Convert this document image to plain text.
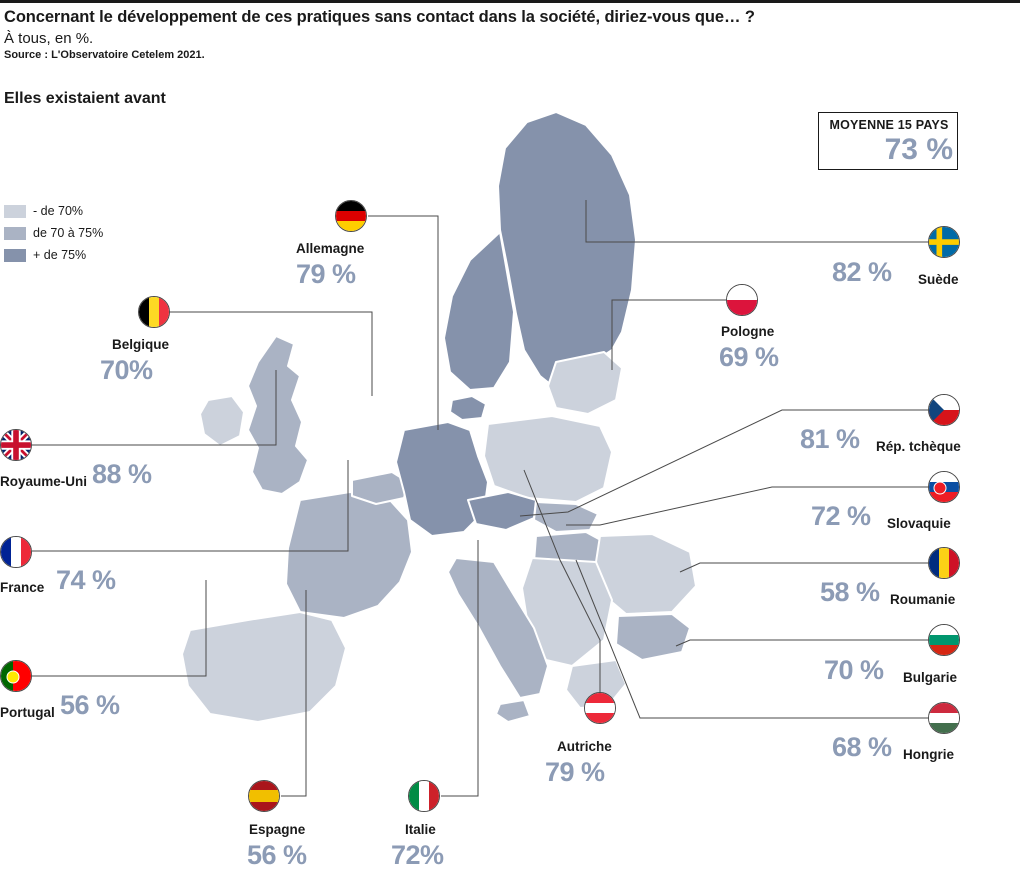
Concernant le développement de ces pratiques sans contact dans la société, diriez-vous que… ?
À tous, en %.
Source : L'Observatoire Cetelem 2021.
Elles existaient avant
MOYENNE 15 PAYS
73 %
- de 70%
de 70 à 75%
+ de 75%	Allemagne
79 %
Belgique
70%
Royaume-Uni 88 %
France 74 %
Portugal 56 %
Espagne
56 %
Italie
72%
Autriche
79 %
Suède
82 %
Pologne
69 %
Rép. tchèque
81 %
Slovaquie
72 %
Roumanie
58 %
Bulgarie
70 %
Hongrie
68 %
